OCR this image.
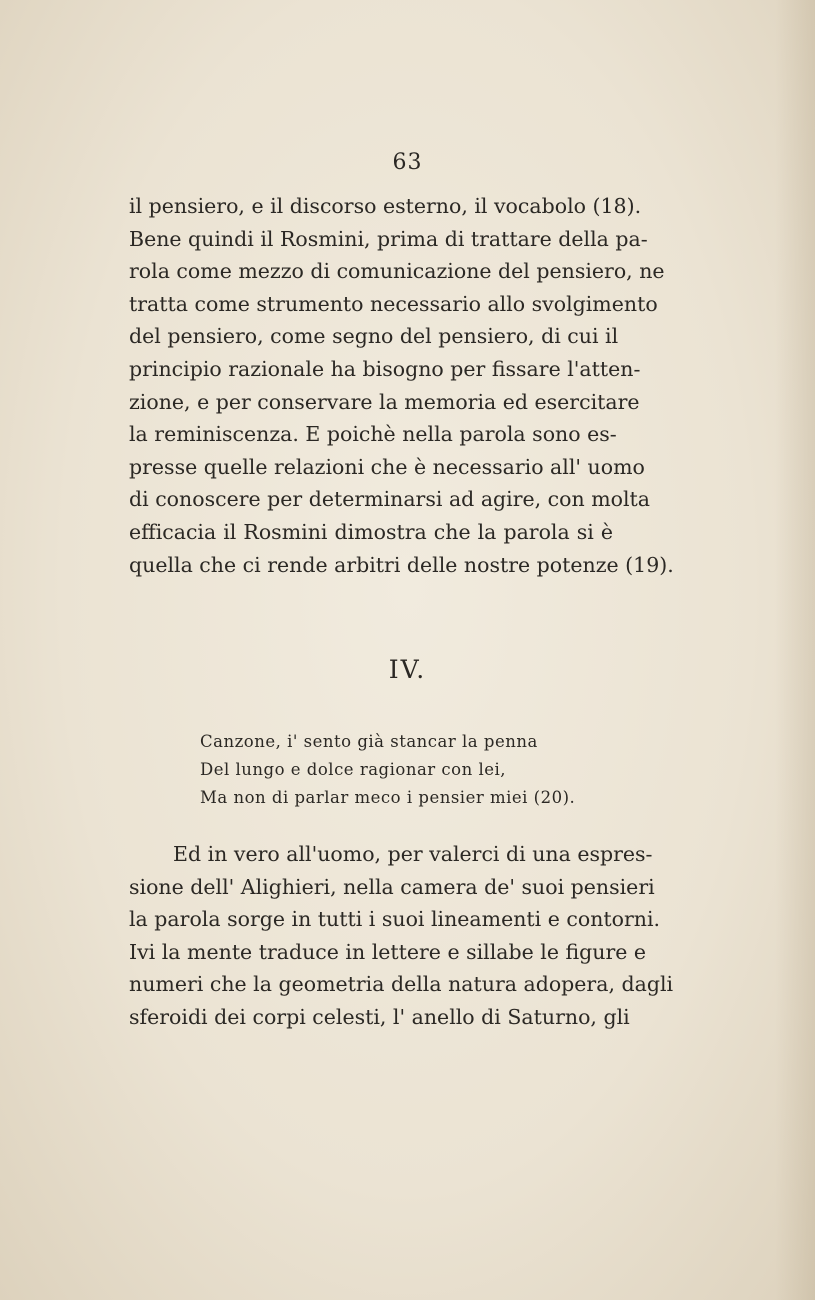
63
il pensiero, e il discorso esterno, il vocabolo (18).
Bene quindi il Rosmini, prima di trattare della pa-
rola come mezzo di comunicazione del pensiero, ne
tratta come strumento necessario allo svolgimento
del pensiero, come segno del pensiero, di cui il
principio razionale ha bisogno per fissare l'atten-
zione, e per conservare la memoria ed esercitare
la reminiscenza. E poichè nella parola sono es-
presse quelle relazioni che è necessario all' uomo
di conoscere per determinarsi ad agire, con molta
efficacia il Rosmini dimostra che la parola si è
quella che ci rende arbitri delle nostre potenze (19).
IV.
Canzone, i' sento già stancar la penna
Del lungo e dolce ragionar con lei,
Ma non di parlar meco i pensier miei (20).
Ed in vero all'uomo, per valerci di una espres-
sione dell' Alighieri, nella camera de' suoi pensieri
la parola sorge in tutti i suoi lineamenti e contorni.
Ivi la mente traduce in lettere e sillabe le figure e
numeri che la geometria della natura adopera, dagli
sferoidi dei corpi celesti, l' anello di Saturno, gli
